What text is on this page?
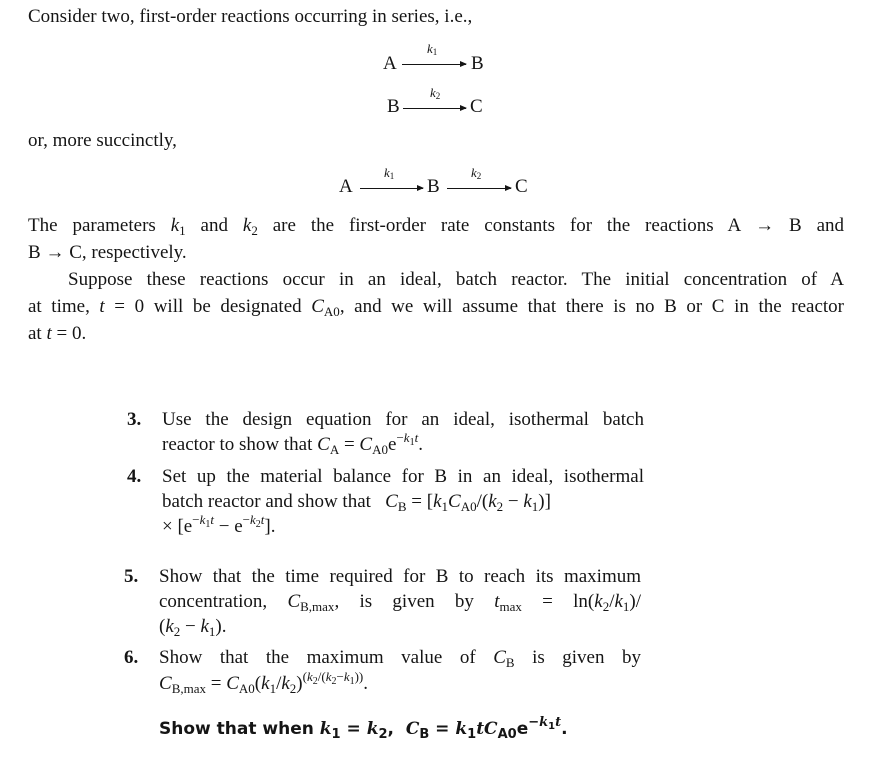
Consider two, first-order reactions occurring in series, i.e.,
A
$k_1$
→ B
B
$k_2 \to C$
or, more succinctly,
A
$k_1 \to B$
$k_2 \to C$
The parameters $k_1$ and $k_2$ are the first-order rate constants for the reactions A → B and
B → C, respectively.
Suppose these reactions occur in an ideal, batch reactor. The initial concentration of A
at time, t = 0 will be designated $C_{A0}$, and we will assume that there is no B or C in the reactor
at t = 0.
3. Use the design equation for an ideal, isothermal batch
reactor to show that $C_A = C_{A0}e^{-k_1t}$.
4. Set up the material balance for B in an ideal, isothermal
batch reactor and show that $C_B = [k_1C_{A0}/(k_2 - k_1)]$
× $[e^{-k_1t} - e^{-k_2t}]$.
5. Show that the time required for B to reach its maximum
concentration, $C_{B,max}$, is given by $t_{max} = \ln(k_2/k_1)/$
$(k_2 - k_1)$.
6. Show that the maximum value of $C_B$ is given by
$C_{B,max} = C_{A0}(k_1/k_2)^{(k_2/(k_2-k_1))}$.
Show that when $k_1 = k_2$,  $C_B = k_1tC_{A0}e^{-k_1t}$.
